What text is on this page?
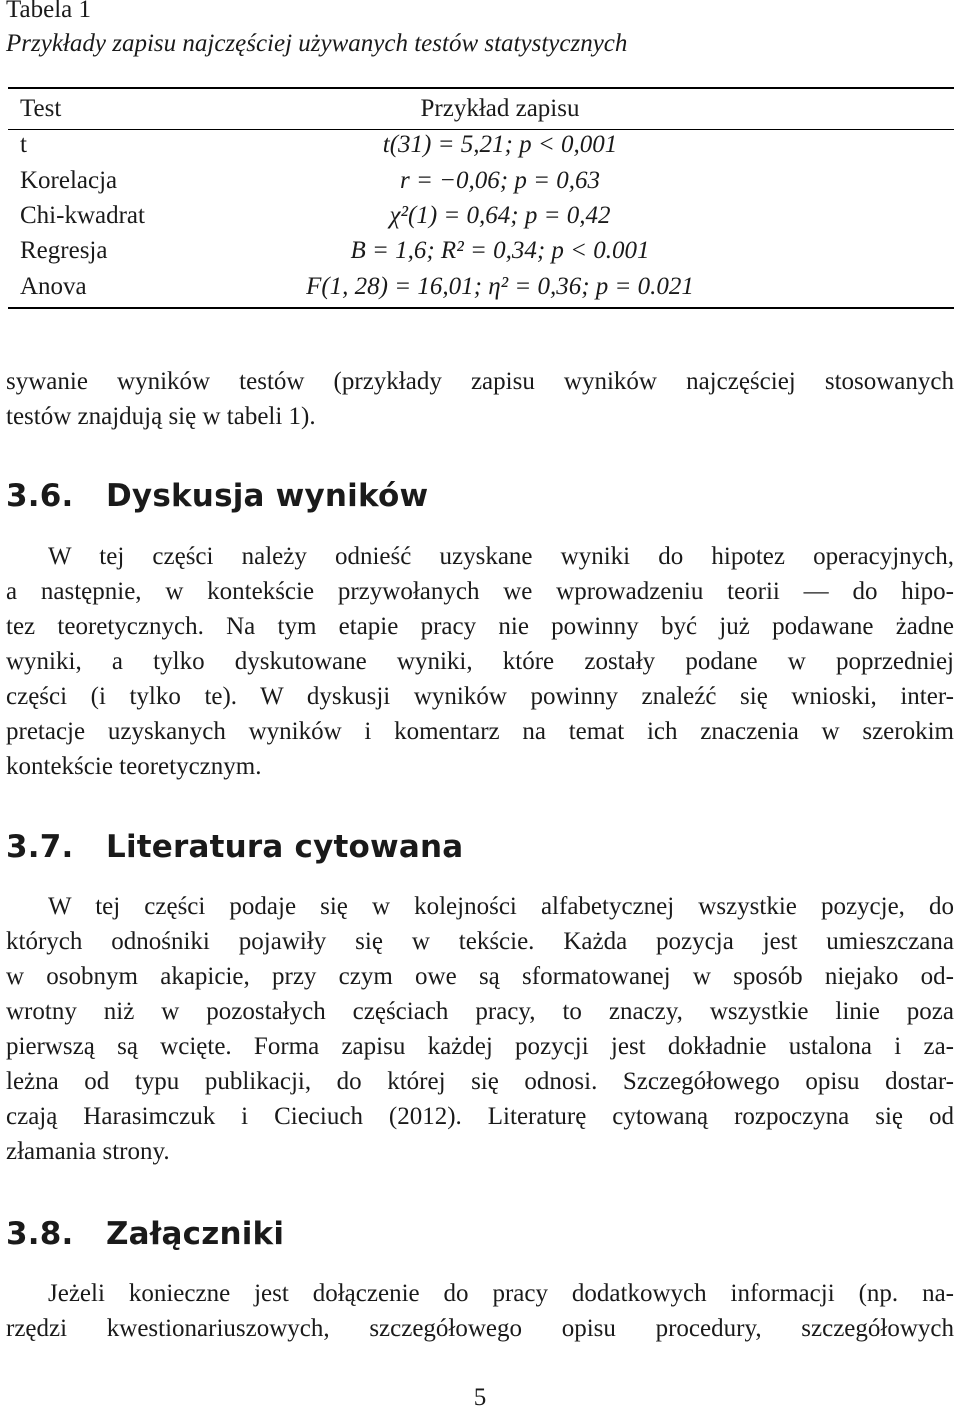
Tabela 1
Przykłady zapisu najczęściej używanych testów statystycznych
Test	Przykład zapisu
t	t(31) = 5,21; p < 0,001
Korelacja	r = −0,06; p = 0,63
Chi-kwadrat	χ²(1) = 0,64; p = 0,42
Regresja	B = 1,6; R² = 0,34; p < 0.001
Anova	F(1, 28) = 16,01; η² = 0,36; p = 0.021
sywanie wyników testów (przykłady zapisu wyników najczęściej stosowanych
testów znajdują się w tabeli 1).
3.6. Dyskusja wyników
W tej części należy odnieść uzyskane wyniki do hipotez operacyjnych,
a następnie, w kontekście przywołanych we wprowadzeniu teorii — do hipo-
tez teoretycznych. Na tym etapie pracy nie powinny być już podawane żadne
wyniki, a tylko dyskutowane wyniki, które zostały podane w poprzedniej
części (i tylko te). W dyskusji wyników powinny znaleźć się wnioski, inter-
pretacje uzyskanych wyników i komentarz na temat ich znaczenia w szerokim
kontekście teoretycznym.
3.7. Literatura cytowana
W tej części podaje się w kolejności alfabetycznej wszystkie pozycje, do
których odnośniki pojawiły się w tekście. Każda pozycja jest umieszczana
w osobnym akapicie, przy czym owe są sformatowanej w sposób niejako od-
wrotny niż w pozostałych częściach pracy, to znaczy, wszystkie linie poza
pierwszą są wcięte. Forma zapisu każdej pozycji jest dokładnie ustalona i za-
leżna od typu publikacji, do której się odnosi. Szczegółowego opisu dostar-
czają Harasimczuk i Cieciuch (2012). Literaturę cytowaną rozpoczyna się od
złamania strony.
3.8. Załączniki
Jeżeli konieczne jest dołączenie do pracy dodatkowych informacji (np. na-
rzędzi kwestionariuszowych, szczegółowego opisu procedury, szczegółowych
5
